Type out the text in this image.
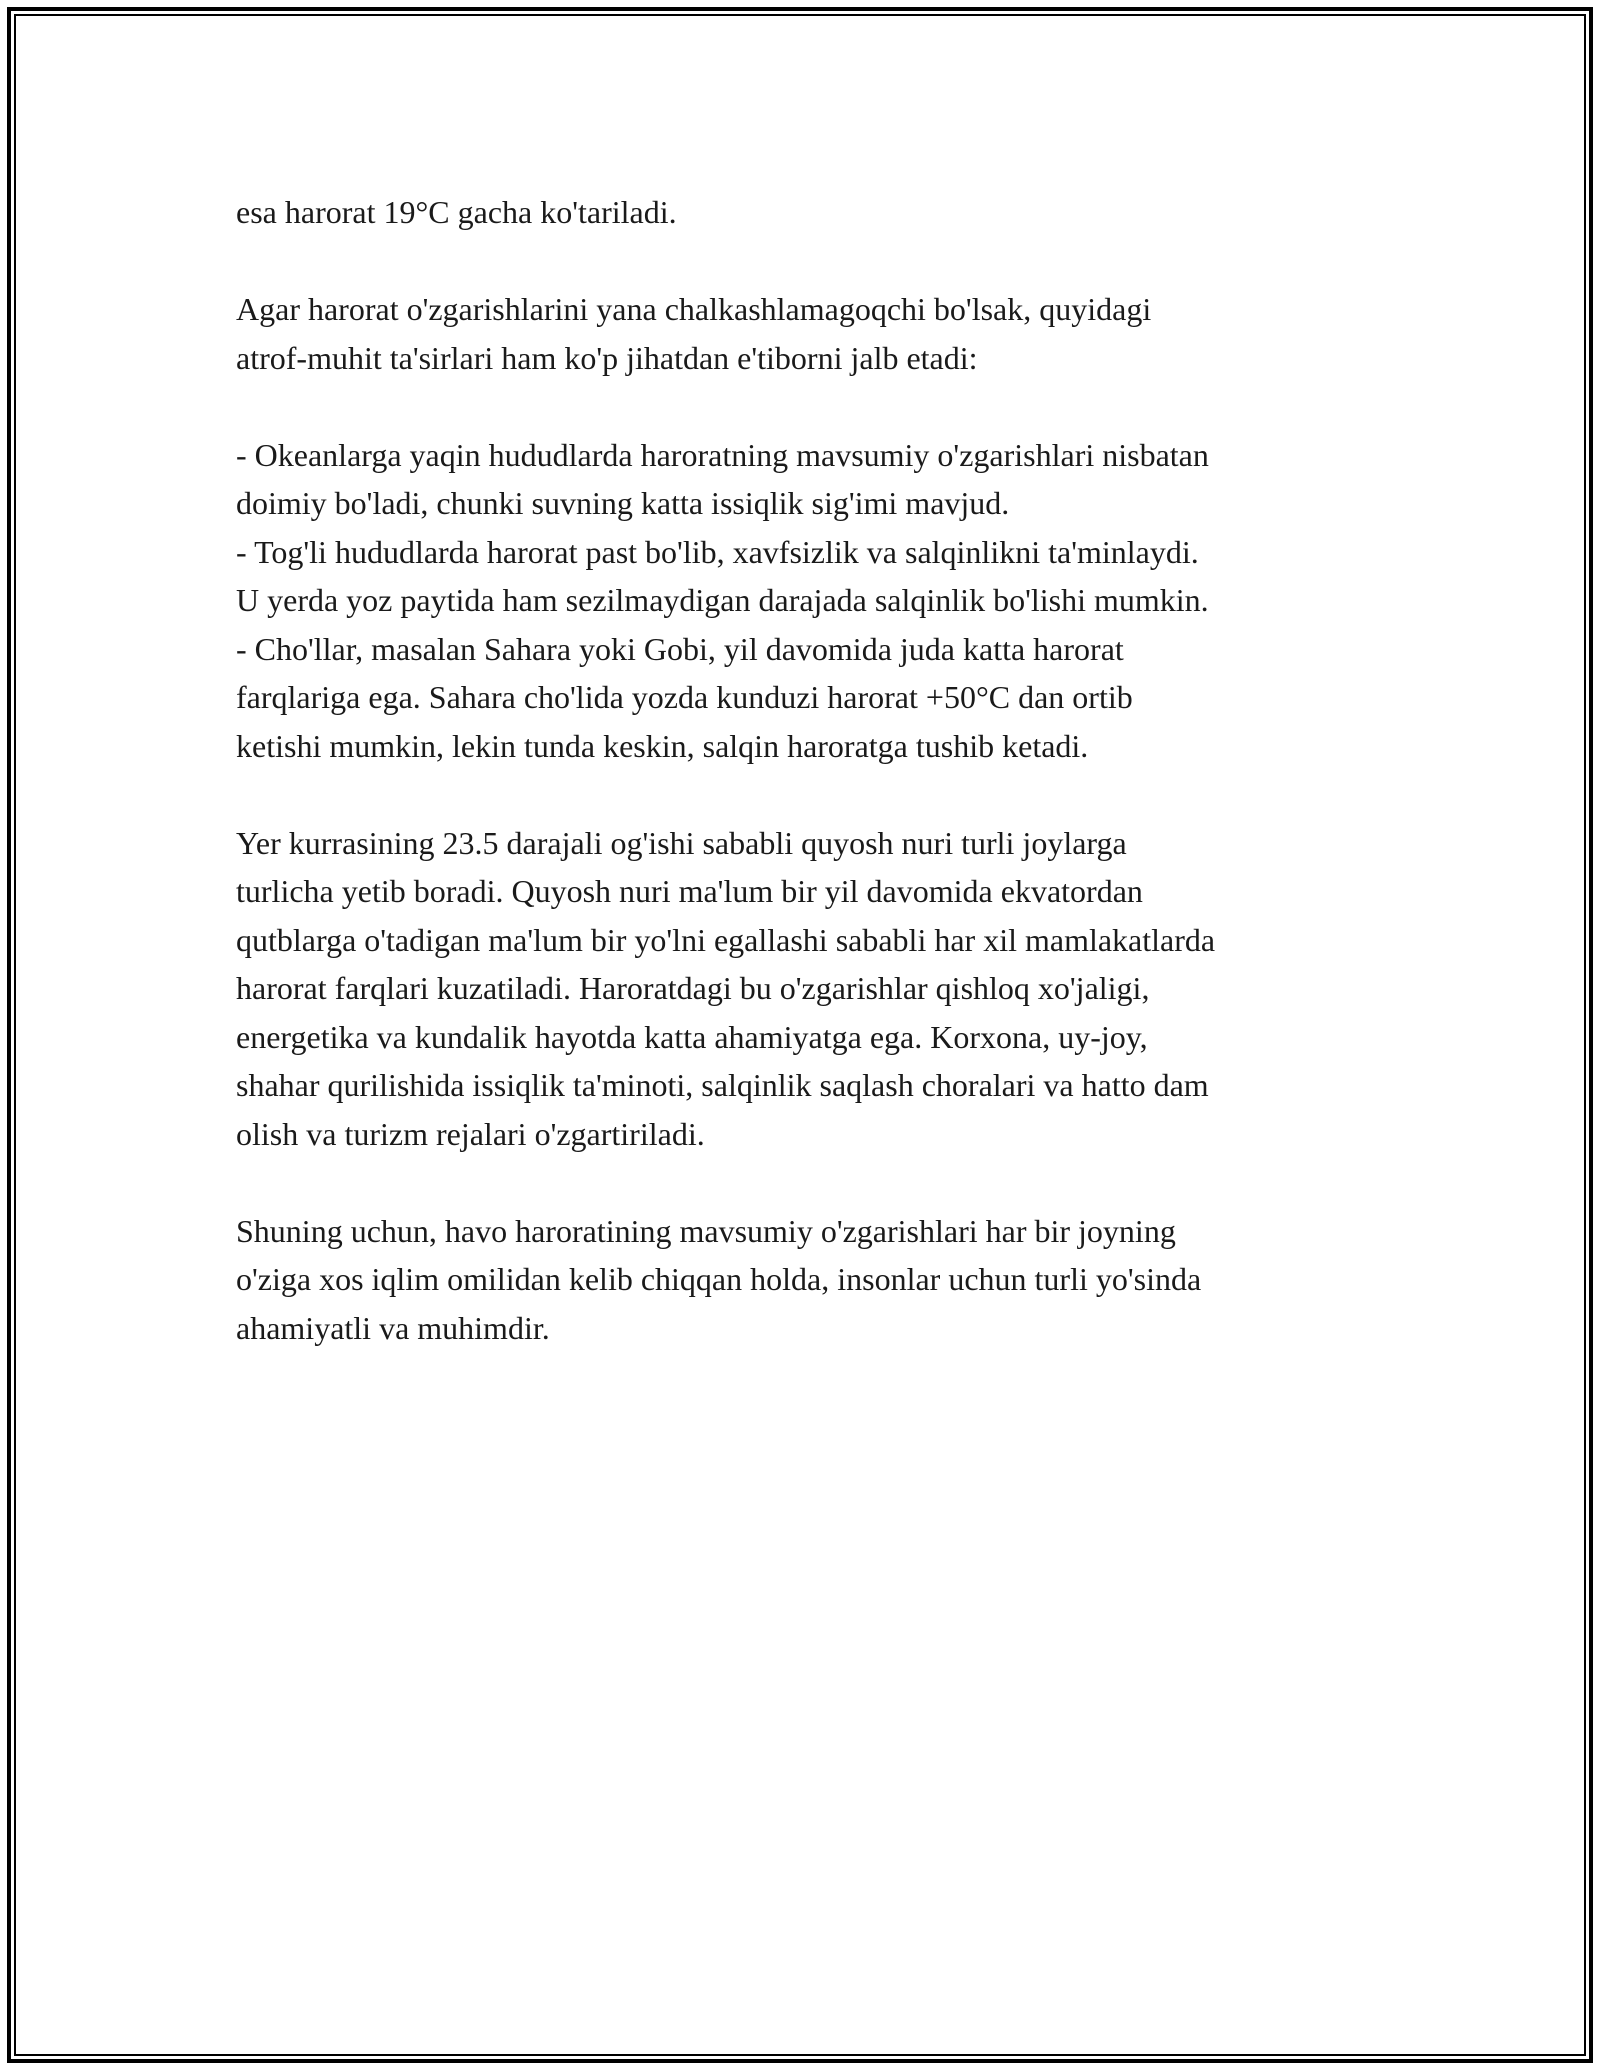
esa harorat 19°C gacha ko'tariladi.

Agar harorat o'zgarishlarini yana chalkashlamagoqchi bo'lsak, quyidagi
atrof-muhit ta'sirlari ham ko'p jihatdan e'tiborni jalb etadi:

- Okeanlarga yaqin hududlarda haroratning mavsumiy o'zgarishlari nisbatan
doimiy bo'ladi, chunki suvning katta issiqlik sig'imi mavjud.
- Tog'li hududlarda harorat past bo'lib, xavfsizlik va salqinlikni ta'minlaydi.
U yerda yoz paytida ham sezilmaydigan darajada salqinlik bo'lishi mumkin.
- Cho'llar, masalan Sahara yoki Gobi, yil davomida juda katta harorat
farqlariga ega. Sahara cho'lida yozda kunduzi harorat +50°C dan ortib
ketishi mumkin, lekin tunda keskin, salqin haroratga tushib ketadi.

Yer kurrasining 23.5 darajali og'ishi sababli quyosh nuri turli joylarga
turlicha yetib boradi. Quyosh nuri ma'lum bir yil davomida ekvatordan
qutblarga o'tadigan ma'lum bir yo'lni egallashi sababli har xil mamlakatlarda
harorat farqlari kuzatiladi. Haroratdagi bu o'zgarishlar qishloq xo'jaligi,
energetika va kundalik hayotda katta ahamiyatga ega. Korxona, uy-joy,
shahar qurilishida issiqlik ta'minoti, salqinlik saqlash choralari va hatto dam
olish va turizm rejalari o'zgartiriladi.

Shuning uchun, havo haroratining mavsumiy o'zgarishlari har bir joyning
o'ziga xos iqlim omilidan kelib chiqqan holda, insonlar uchun turli yo'sinda
ahamiyatli va muhimdir.
